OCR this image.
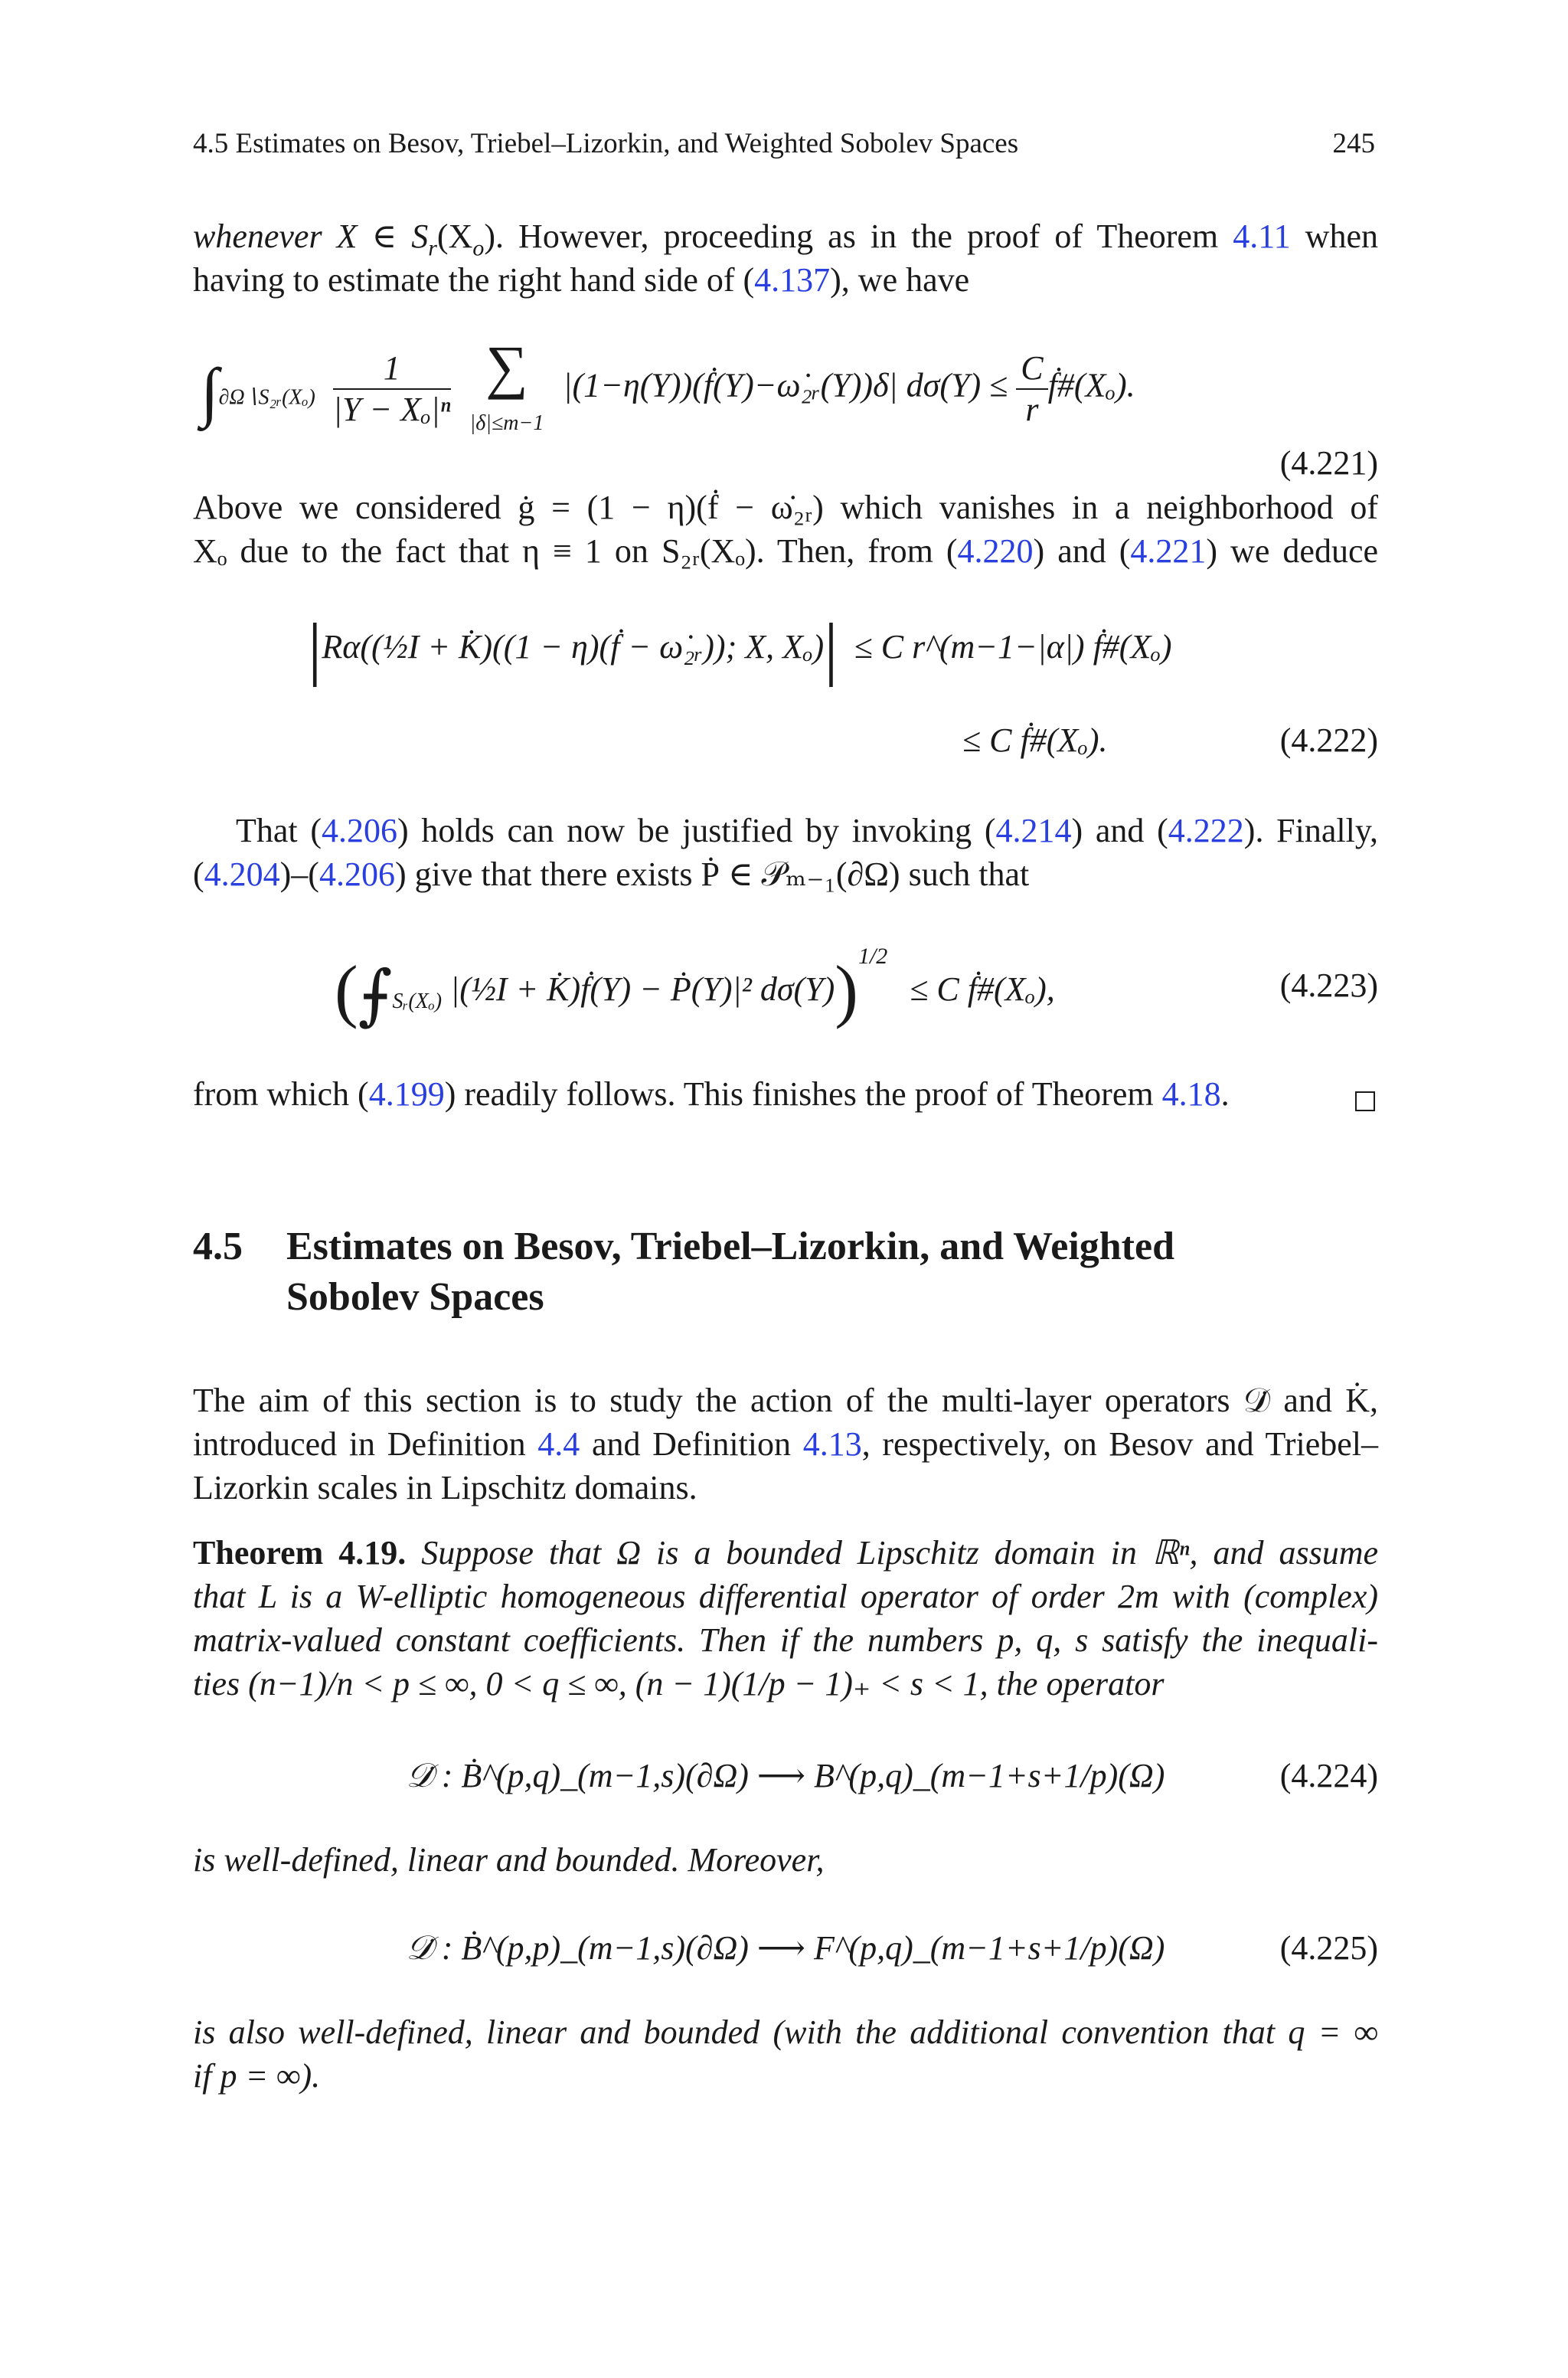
4.5 Estimates on Besov, Triebel–Lizorkin, and Weighted Sobolev Spaces	245

whenever X ∈ $S_r(X_o)$. However, proceeding as in the proof of Theorem 4.11 when

having to estimate the right hand side of (4.137), we have

$\int_{\partial\Omega∖S_2ᵣ(X_o)} \frac{1}{\text{|Y − Xₒ|ⁿ}}$ ∑
|δ|≤m−1 |(1−η(Y))(ḟ(Y)−ω̇₂ᵣ(Y))δ| $d\sigma(Y) \le \frac{C}{r}$ ḟ#(Xₒ).
(4.221)

Above we considered ġ = (1 − η)(ḟ − ω̇₂ᵣ) which vanishes in a neighborhood of

Xₒ due to the fact that η ≡ 1 on S₂ᵣ(Xₒ). Then, from (4.220) and (4.221) we deduce

|Rα((½I + K̇)((1 − η)(ḟ − ω̇₂ᵣ)); X, Xₒ)| ≤ C r^(m−1−|α|) ḟ#(Xₒ)
≤ C ḟ#(Xₒ).	(4.222)

That (4.206) holds can now be justified by invoking (4.214) and (4.222). Finally,

(4.204)–(4.206) give that there exists Ṗ ∈ 𝒫ₘ₋₁(∂Ω) such that

($⨍_{Sᵣ(X_o)}$ |(½I + K̇)ḟ(Y) − Ṗ(Y)|² dσ(Y))$^{1/2}$ ≤ C ḟ#(Xₒ),	(4.223)

from which (4.199) readily follows. This finishes the proof of Theorem 4.18.

4.5 Estimates on Besov, Triebel–Lizorkin, and Weighted
Sobolev Spaces

The aim of this section is to study the action of the multi-layer operators 𝒟̇ and K̇,

introduced in Definition 4.4 and Definition 4.13, respectively, on Besov and Triebel–

Lizorkin scales in Lipschitz domains.

Theorem 4.19. Suppose that Ω is a bounded Lipschitz domain in ℝⁿ, and assume

that L is a W-elliptic homogeneous differential operator of order 2m with (complex)

matrix-valued constant coefficients. Then if the numbers p, q, s satisfy the inequali-

ties (n−1)/n < p ≤ ∞, 0 < q ≤ ∞, (n − 1)(1/p − 1)₊ < s < 1, the operator

𝒟̇ : Ḃ^(p,q)_(m−1,s)(∂Ω) ⟶ B^(p,q)_(m−1+s+1/p)(Ω)	(4.224)

is well-defined, linear and bounded. Moreover,

𝒟̇ : Ḃ^(p,p)_(m−1,s)(∂Ω) ⟶ F^(p,q)_(m−1+s+1/p)(Ω)	(4.225)

is also well-defined, linear and bounded (with the additional convention that q = ∞

if p = ∞).
